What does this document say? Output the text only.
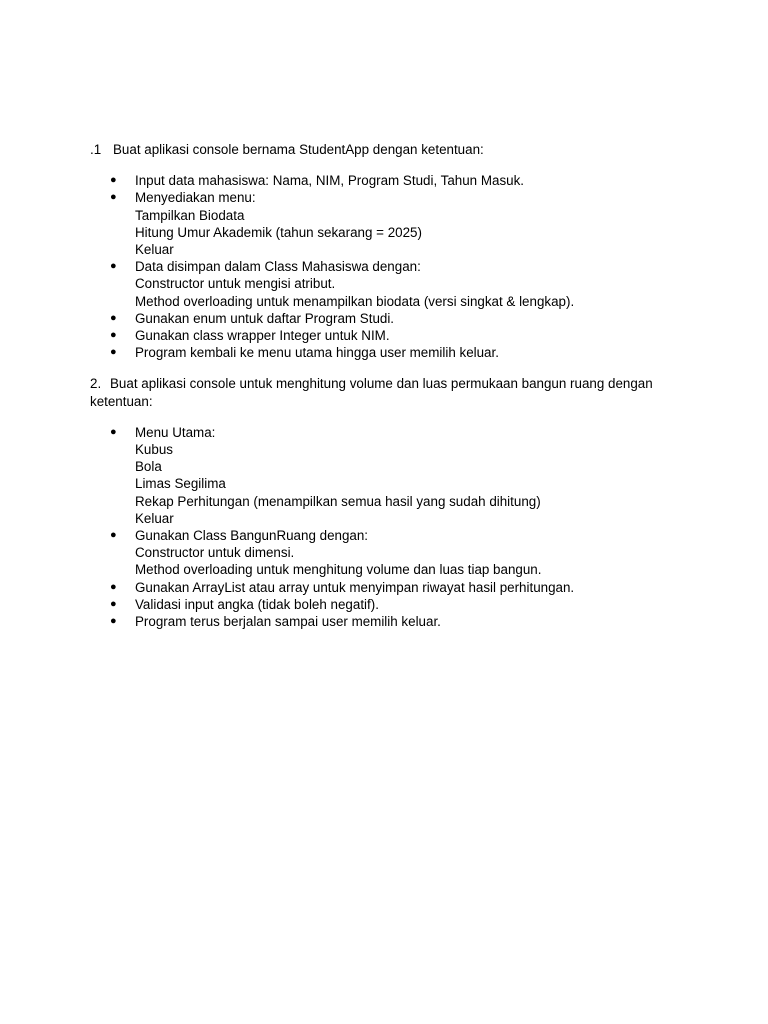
.1 Buat aplikasi console bernama StudentApp dengan ketentuan:

● Input data mahasiswa: Nama, NIM, Program Studi, Tahun Masuk.
● Menyediakan menu:
Tampilkan Biodata
Hitung Umur Akademik (tahun sekarang = 2025)
Keluar
● Data disimpan dalam Class Mahasiswa dengan:
Constructor untuk mengisi atribut.
Method overloading untuk menampilkan biodata (versi singkat & lengkap).
● Gunakan enum untuk daftar Program Studi.
● Gunakan class wrapper Integer untuk NIM.
● Program kembali ke menu utama hingga user memilih keluar.

2. Buat aplikasi console untuk menghitung volume dan luas permukaan bangun ruang dengan ketentuan:

● Menu Utama:
Kubus
Bola
Limas Segilima
Rekap Perhitungan (menampilkan semua hasil yang sudah dihitung)
Keluar
● Gunakan Class BangunRuang dengan:
Constructor untuk dimensi.
Method overloading untuk menghitung volume dan luas tiap bangun.
● Gunakan ArrayList atau array untuk menyimpan riwayat hasil perhitungan.
● Validasi input angka (tidak boleh negatif).
● Program terus berjalan sampai user memilih keluar.
